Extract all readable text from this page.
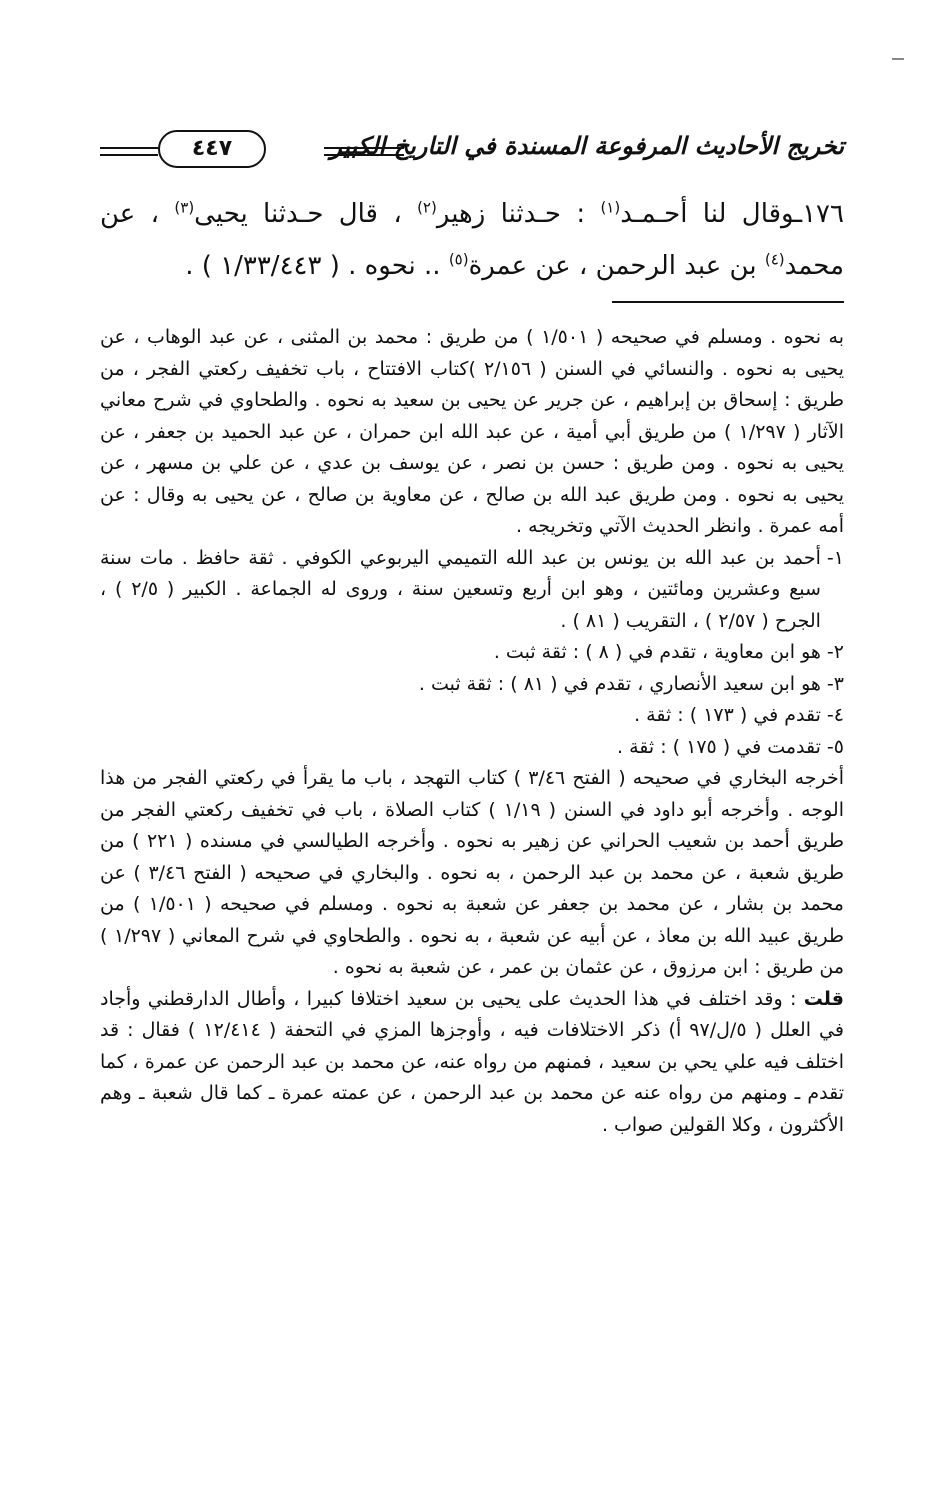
تخريج الأحاديث المرفوعة المسندة في التاريخ الكبير
٤٤٧
١٧٦ـوقال لنا أحـمـد$^{(١)}$ : حـدثنا زهير$^{(٢)}$ ، قال حـدثنا يحيى$^{(٣)}$ ، عن محمد$^{(٤)}$ بن عبد الرحمن ، عن عمرة$^{(٥)}$ .. نحوه . ( ١/٣٣/٤٤٣ ) .

به نحوه . ومسلم في صحيحه ( ١/٥٠١ ) من طريق : محمد بن المثنى ، عن عبد الوهاب ، عن يحيى به نحوه . والنسائي في السنن ( ٢/١٥٦ )كتاب الافتتاح ، باب تخفيف ركعتي الفجر ، من طريق : إسحاق بن إبراهيم ، عن جرير عن يحيى بن سعيد به نحوه . والطحاوي في شرح معاني الآثار ( ١/٢٩٧ ) من طريق أبي أمية ، عن عبد الله ابن حمران ، عن عبد الحميد بن جعفر ، عن يحيى به نحوه . ومن طريق : حسن بن نصر ، عن يوسف بن عدي ، عن علي بن مسهر ، عن يحيى به نحوه . ومن طريق عبد الله بن صالح ، عن معاوية بن صالح ، عن يحيى به وقال : عن أمه عمرة . وانظر الحديث الآتي وتخريجه .

١-
أحمد بن عبد الله بن يونس بن عبد الله التميمي اليربوعي الكوفي . ثقة حافظ . مات سنة سبع وعشرين ومائتين ، وهو ابن أربع وتسعين سنة ، وروى له الجماعة . الكبير ( ٢/٥ ) ، الجرح ( ٢/٥٧ ) ، التقريب ( ٨١ ) .
٢-
هو ابن معاوية ، تقدم في ( ٨ ) : ثقة ثبت .
٣-
هو ابن سعيد الأنصاري ، تقدم في ( ٨١ ) : ثقة ثبت .
٤-
تقدم في ( ١٧٣ ) : ثقة .
٥-
تقدمت في ( ١٧٥ ) : ثقة .

أخرجه البخاري في صحيحه ( الفتح ٣/٤٦ ) كتاب التهجد ، باب ما يقرأ في ركعتي الفجر من هذا الوجه . وأخرجه أبو داود في السنن ( ١/١٩ ) كتاب الصلاة ، باب في تخفيف ركعتي الفجر من طريق أحمد بن شعيب الحراني عن زهير به نحوه . وأخرجه الطيالسي في مسنده ( ٢٢١ ) من طريق شعبة ، عن محمد بن عبد الرحمن ، به نحوه . والبخاري في صحيحه ( الفتح ٣/٤٦ ) عن محمد بن بشار ، عن محمد بن جعفر عن شعبة به نحوه . ومسلم في صحيحه ( ١/٥٠١ ) من طريق عبيد الله بن معاذ ، عن أبيه عن شعبة ، به نحوه . والطحاوي في شرح المعاني ( ١/٢٩٧ ) من طريق : ابن مرزوق ، عن عثمان بن عمر ، عن شعبة به نحوه .

قلت : وقد اختلف في هذا الحديث على يحيى بن سعيد اختلافا كبيرا ، وأطال الدارقطني وأجاد في العلل ( ٥/ل/٩٧ أ) ذكر الاختلافات فيه ، وأوجزها المزي في التحفة ( ١٢/٤١٤ ) فقال : قد اختلف فيه علي يحي بن سعيد ، فمنهم من رواه عنه، عن محمد بن عبد الرحمن عن عمرة ، كما تقدم ـ ومنهم من رواه عنه عن محمد بن عبد الرحمن ، عن عمته عمرة ـ كما قال شعبة ـ وهم الأكثرون ، وكلا القولين صواب .
